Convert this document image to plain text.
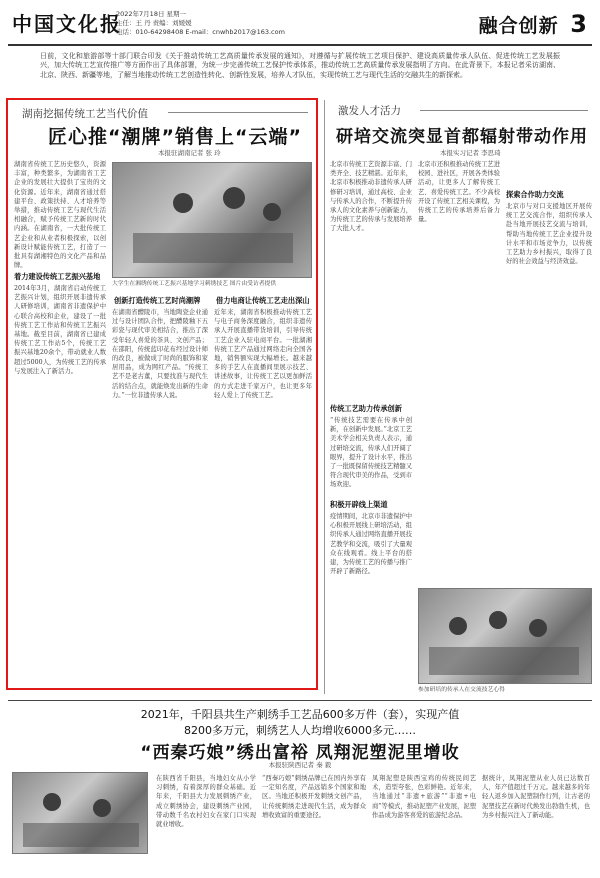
中国文化报
2022年7月18日 星期一
主任：王 丹 责编：刘媛媛
电话：010-64298408 E-mail：cnwhb2017@163.com	融合创新 3
日前，文化和旅游部等十部门联合印发《关于推动传统工艺高质量传承发展的通知》，对遵循与扩展传统工艺项目保护、建设高质量传承人队伍、促进传统工艺发展振兴，加大传统工艺宣传推广等方面作出了具体部署，为统一步完善传统工艺保护传承体系，推动传统工艺高质量传承发展指明了方向。在此背景下，本报记者采访湖南、北京、陕西、新疆等地，了解当地推动传统工艺创造性转化、创新性发展，培养人才队伍，实现传统工艺与现代生活的交融共生的新探索。
湖南挖掘传统工艺当代价值
匠心推“潮牌”销售上“云端”
本报驻湖南记者 张 玲
湖南省传统工艺历史悠久，资源丰富，种类繁多，为湖南省工艺企业的发展壮大提供了宝贵的文化资源。近年来，湖南省通过搭建平台、政策扶持、人才培养等举措，推动传统工艺与现代生活相融合，赋予传统工艺新的时代内涵。在湖南省，一大批传统工艺企业和从业者积极探索，以创新设计赋能传统工艺，打造了一批具有湖湘特色的文化产品和品牌。
着力建设传统工艺振兴基地
2014年3月，湖南省启动传统工艺振兴计划，组织开展非遗传承人研修培训，湖南省非遗保护中心联合高校和企业，建设了一批传统工艺工作站和传统工艺振兴基地。截至目前，湖南省已建成传统工艺工作站5个，传统工艺振兴基地20余个，带动就业人数超过5000人，为传统工艺的传承与发展注入了新活力。
大学生在湘绣传统工艺振兴基地学习刺绣技艺 图片由受访者提供
创新打造传统工艺时尚潮牌
在湖南省醴陵市，当地陶瓷企业通过与设计团队合作，把醴陵釉下五彩瓷与现代审美相结合，推出了深受年轻人喜爱的茶具、文创产品；在邵阳，传统蓝印花布经过设计师的改良，被做成了时尚的服饰和家居用品，成为网红产品。“传统工艺不是老古董，只要找准与现代生活的结合点，就能焕发出新的生命力。”一位非遗传承人说。
借力电商让传统工艺走出深山
近年来，湖南省积极推动传统工艺与电子商务深度融合，组织非遗传承人开展直播带货培训，引导传统工艺企业入驻电商平台。一批湖湘传统工艺产品通过网络走向全国各地，销售额实现大幅增长。越来越多的手艺人在直播间里展示技艺、讲述故事，让传统工艺以更加鲜活的方式走进千家万户，也让更多年轻人爱上了传统工艺。
激发人才活力
研培交流突显首都辐射带动作用
本报实习记者 李思琦
北京市传统工艺资源丰富、门类齐全、技艺精湛。近年来，北京市积极推动非遗传承人研修研习培训，通过高校、企业与传承人的合作，不断提升传承人的文化素养与创新能力，为传统工艺的传承与发展培养了大批人才。
传统工艺助力传承创新
“传统技艺需要在传承中创新，在创新中发展。”北京工艺美术学会相关负责人表示，通过研培交流，传承人们开阔了眼界，提升了设计水平，推出了一批既保留传统技艺精髓又符合现代审美的作品，受到市场欢迎。
积极开辟线上渠道
疫情期间，北京市非遗保护中心积极开展线上研培活动，组织传承人通过网络直播开展技艺教学和交流，吸引了大量观众在线观看。线上平台的搭建，为传统工艺的传播与推广开辟了新路径。
北京市还积极推动传统工艺进校园、进社区，开展各类体验活动，让更多人了解传统工艺、喜爱传统工艺。不少高校开设了传统工艺相关课程，为传统工艺的传承培养后备力量。
探索合作助力交流
北京市与对口支援地区开展传统工艺交流合作，组织传承人赴当地开展技艺交流与培训，帮助当地传统工艺企业提升设计水平和市场竞争力，以传统工艺助力乡村振兴，取得了良好的社会效益与经济效益。
参加研培的传承人在交流技艺心得
2021年，千阳县共生产刺绣手工艺品600多万件（套），实现产值
8200多万元，刺绣艺人人均增收6000多元……
“西秦巧娘”绣出富裕 凤翔泥塑泥里增收
本报驻陕西记者 秦 毅
在陕西省千阳县，当地妇女从小学习刺绣，有着深厚的群众基础。近年来，千阳县大力发展刺绣产业，成立刺绣协会，建设刺绣产业园，带动数千名农村妇女在家门口实现就业增收。
“西秦巧娘”刺绣品牌已在国内外享有一定知名度，产品远销多个国家和地区。当地还积极开发刺绣文创产品，让传统刺绣走进现代生活，成为群众增收致富的重要途径。
凤翔泥塑是陕西宝鸡的传统民间艺术，造型夸张，色彩鲜艳。近年来，当地通过“非遗+旅游”“非遗+电商”等模式，推动泥塑产业发展，泥塑作品成为游客喜爱的旅游纪念品。
据统计，凤翔泥塑从业人员已达数百人，年产值超过千万元。越来越多的年轻人返乡加入泥塑制作行列，让古老的泥塑技艺在新时代焕发出勃勃生机，也为乡村振兴注入了新动能。
